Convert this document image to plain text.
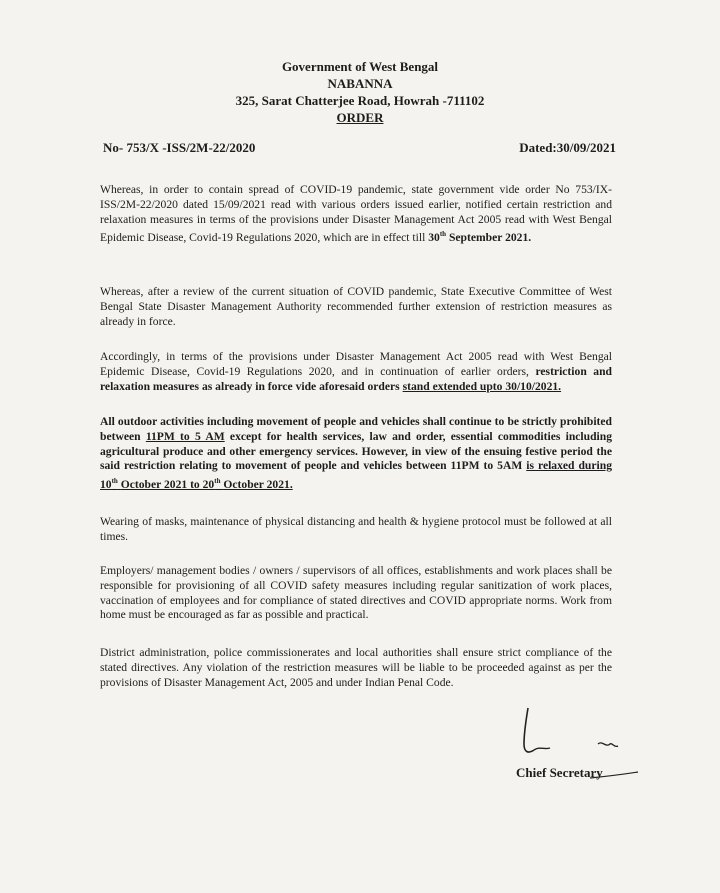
Government of West Bengal
NABANNA
325, Sarat Chatterjee Road, Howrah -711102
ORDER
No- 753/X -ISS/2M-22/2020	Dated:30/09/2021
Whereas, in order to contain spread of COVID-19 pandemic, state government vide order No 753/IX-ISS/2M-22/2020 dated 15/09/2021 read with various orders issued earlier, notified certain restriction and relaxation measures in terms of the provisions under Disaster Management Act 2005 read with West Bengal Epidemic Disease, Covid-19 Regulations 2020, which are in effect till 30th September 2021.
Whereas, after a review of the current situation of COVID pandemic, State Executive Committee of West Bengal State Disaster Management Authority recommended further extension of restriction measures as already in force.
Accordingly, in terms of the provisions under Disaster Management Act 2005 read with West Bengal Epidemic Disease, Covid-19 Regulations 2020, and in continuation of earlier orders, restriction and relaxation measures as already in force vide aforesaid orders stand extended upto 30/10/2021.
All outdoor activities including movement of people and vehicles shall continue to be strictly prohibited between 11PM to 5 AM except for health services, law and order, essential commodities including agricultural produce and other emergency services. However, in view of the ensuing festive period the said restriction relating to movement of people and vehicles between 11PM to 5AM is relaxed during 10th October 2021 to 20th October 2021.
Wearing of masks, maintenance of physical distancing and health & hygiene protocol must be followed at all times.
Employers/ management bodies / owners / supervisors of all offices, establishments and work places shall be responsible for provisioning of all COVID safety measures including regular sanitization of work places, vaccination of employees and for compliance of stated directives and COVID appropriate norms. Work from home must be encouraged as far as possible and practical.
District administration, police commissionerates and local authorities shall ensure strict compliance of the stated directives. Any violation of the restriction measures will be liable to be proceeded against as per the provisions of Disaster Management Act, 2005 and under Indian Penal Code.
Chief Secretary
